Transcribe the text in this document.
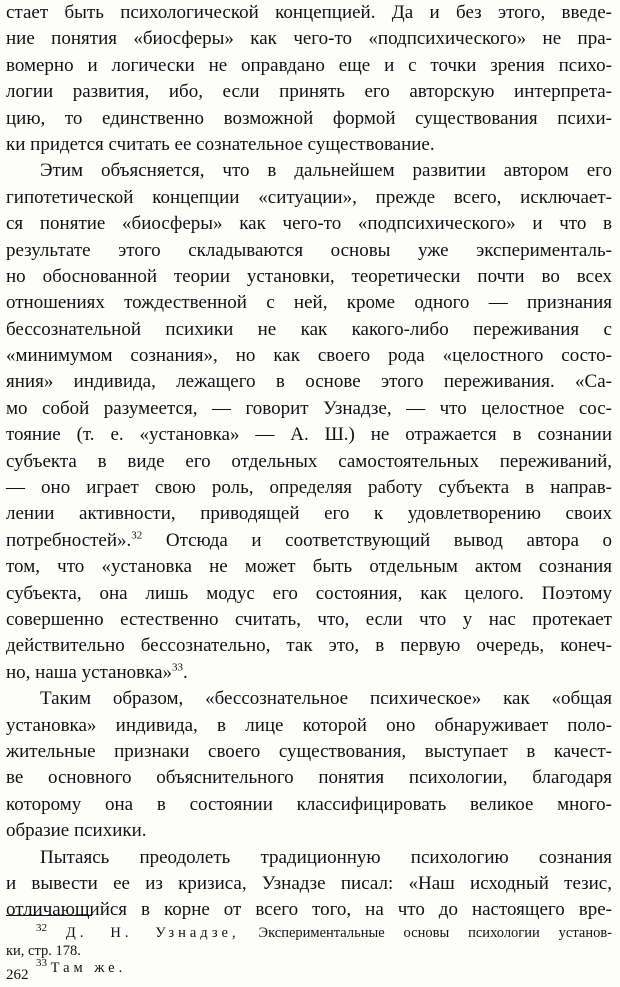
стает быть психологической концепцией. Да и без этого, введе-
ние понятия «биосферы» как чего-то «подпсихического» не пра-
вомерно и логически не оправдано еще и с точки зрения психо-
логии развития, ибо, если принять его авторскую интерпрета-
цию, то единственно возможной формой существования психи-
ки придется считать ее сознательное существование.
Этим объясняется, что в дальнейшем развитии автором его
гипотетической концепции «ситуации», прежде всего, исключает-
ся понятие «биосферы» как чего-то «подпсихического» и что в
результате этого складываются основы уже эксперименталь-
но обоснованной теории установки, теоретически почти во всех
отношениях тождественной с ней, кроме одного — признания
бессознательной психики не как какого-либо переживания с
«минимумом сознания», но как своего рода «целостного состо-
яния» индивида, лежащего в основе этого переживания. «Са-
мо собой разумеется, — говорит Узнадзе, — что целостное сос-
тояние (т. е. «установка» — А. Ш.) не отражается в сознании
субъекта в виде его отдельных самостоятельных переживаний,
— оно играет свою роль, определяя работу субъекта в направ-
лении активности, приводящей его к удовлетворению своих
потребностей».$^{32}$ Отсюда и соответствующий вывод автора о
том, что «установка не может быть отдельным актом сознания
субъекта, она лишь модус его состояния, как целого. Поэтому
совершенно естественно считать, что, если что у нас протекает
действительно бессознательно, так это, в первую очередь, конеч-
но, наша установка»$^{33}$.
Таким образом, «бессознательное психическое» как «общая
установка» индивида, в лице которой оно обнаруживает поло-
жительные признаки своего существования, выступает в качест-
ве основного объяснительного понятия психологии, благодаря
которому она в состоянии классифицировать великое много-
образие психики.
Пытаясь преодолеть традиционную психологию сознания
и вывести ее из кризиса, Узнадзе писал: «Наш исходный тезис,
отличающийся в корне от всего того, на что до настоящего вре-
$^{32}$ Д. Н. Узнадзе, Экспериментальные основы психологии установ-
ки, стр. 178.
$^{33}$ Там же.
262
